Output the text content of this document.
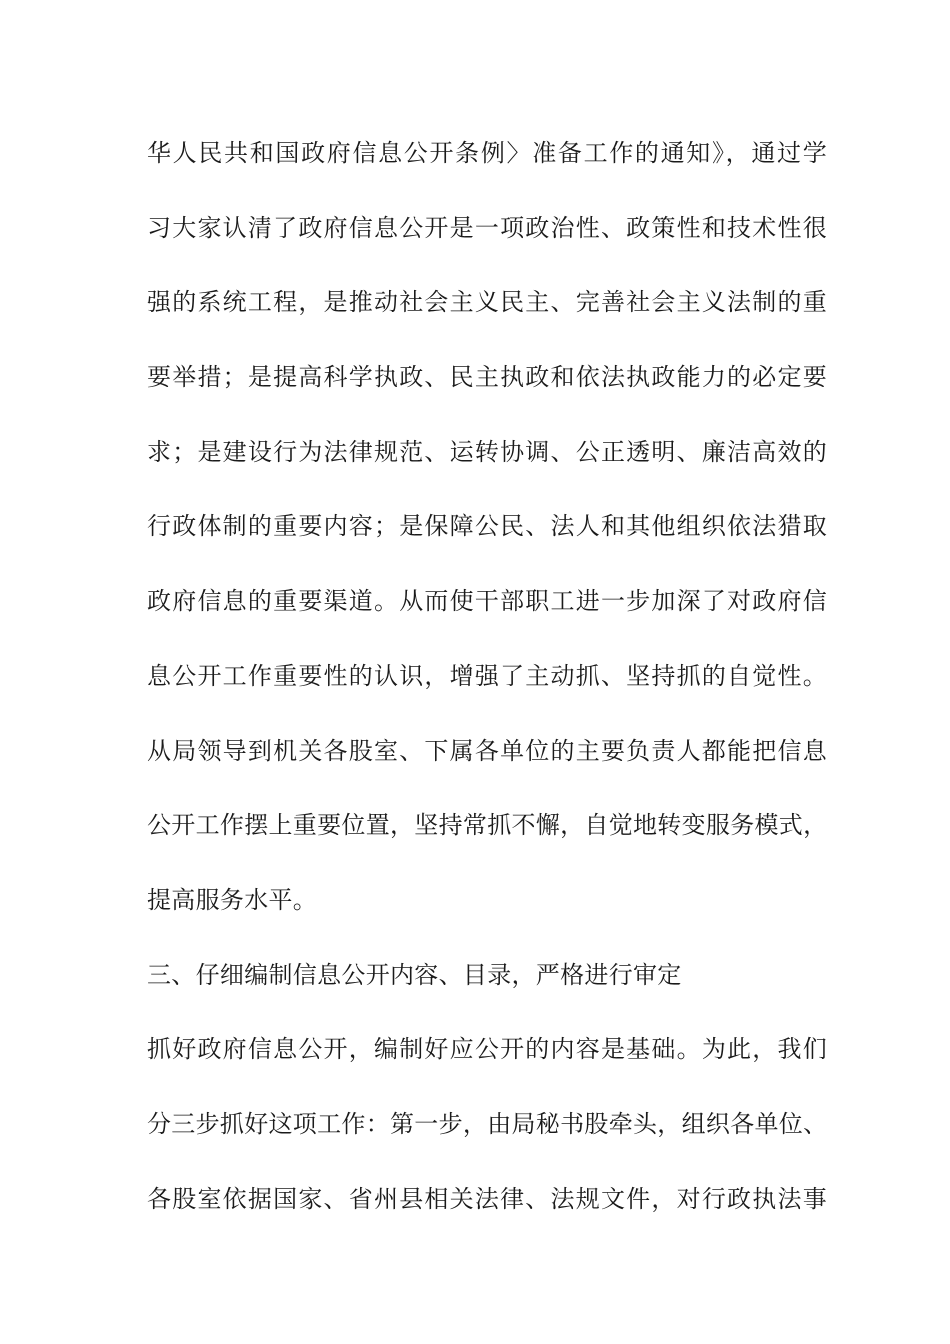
华人民共和国政府信息公开条例〉准备工作的通知》，通过学
习大家认清了政府信息公开是一项政治性、政策性和技术性很
强的系统工程，是推动社会主义民主、完善社会主义法制的重
要举措；是提高科学执政、民主执政和依法执政能力的必定要
求；是建设行为法律规范、运转协调、公正透明、廉洁高效的
行政体制的重要内容；是保障公民、法人和其他组织依法猎取
政府信息的重要渠道。从而使干部职工进一步加深了对政府信
息公开工作重要性的认识，增强了主动抓、坚持抓的自觉性。
从局领导到机关各股室、下属各单位的主要负责人都能把信息
公开工作摆上重要位置，坚持常抓不懈，自觉地转变服务模式，
提高服务水平。
三、仔细编制信息公开内容、目录，严格进行审定
抓好政府信息公开，编制好应公开的内容是基础。为此，我们
分三步抓好这项工作：第一步，由局秘书股牵头，组织各单位、
各股室依据国家、省州县相关法律、法规文件，对行政执法事
